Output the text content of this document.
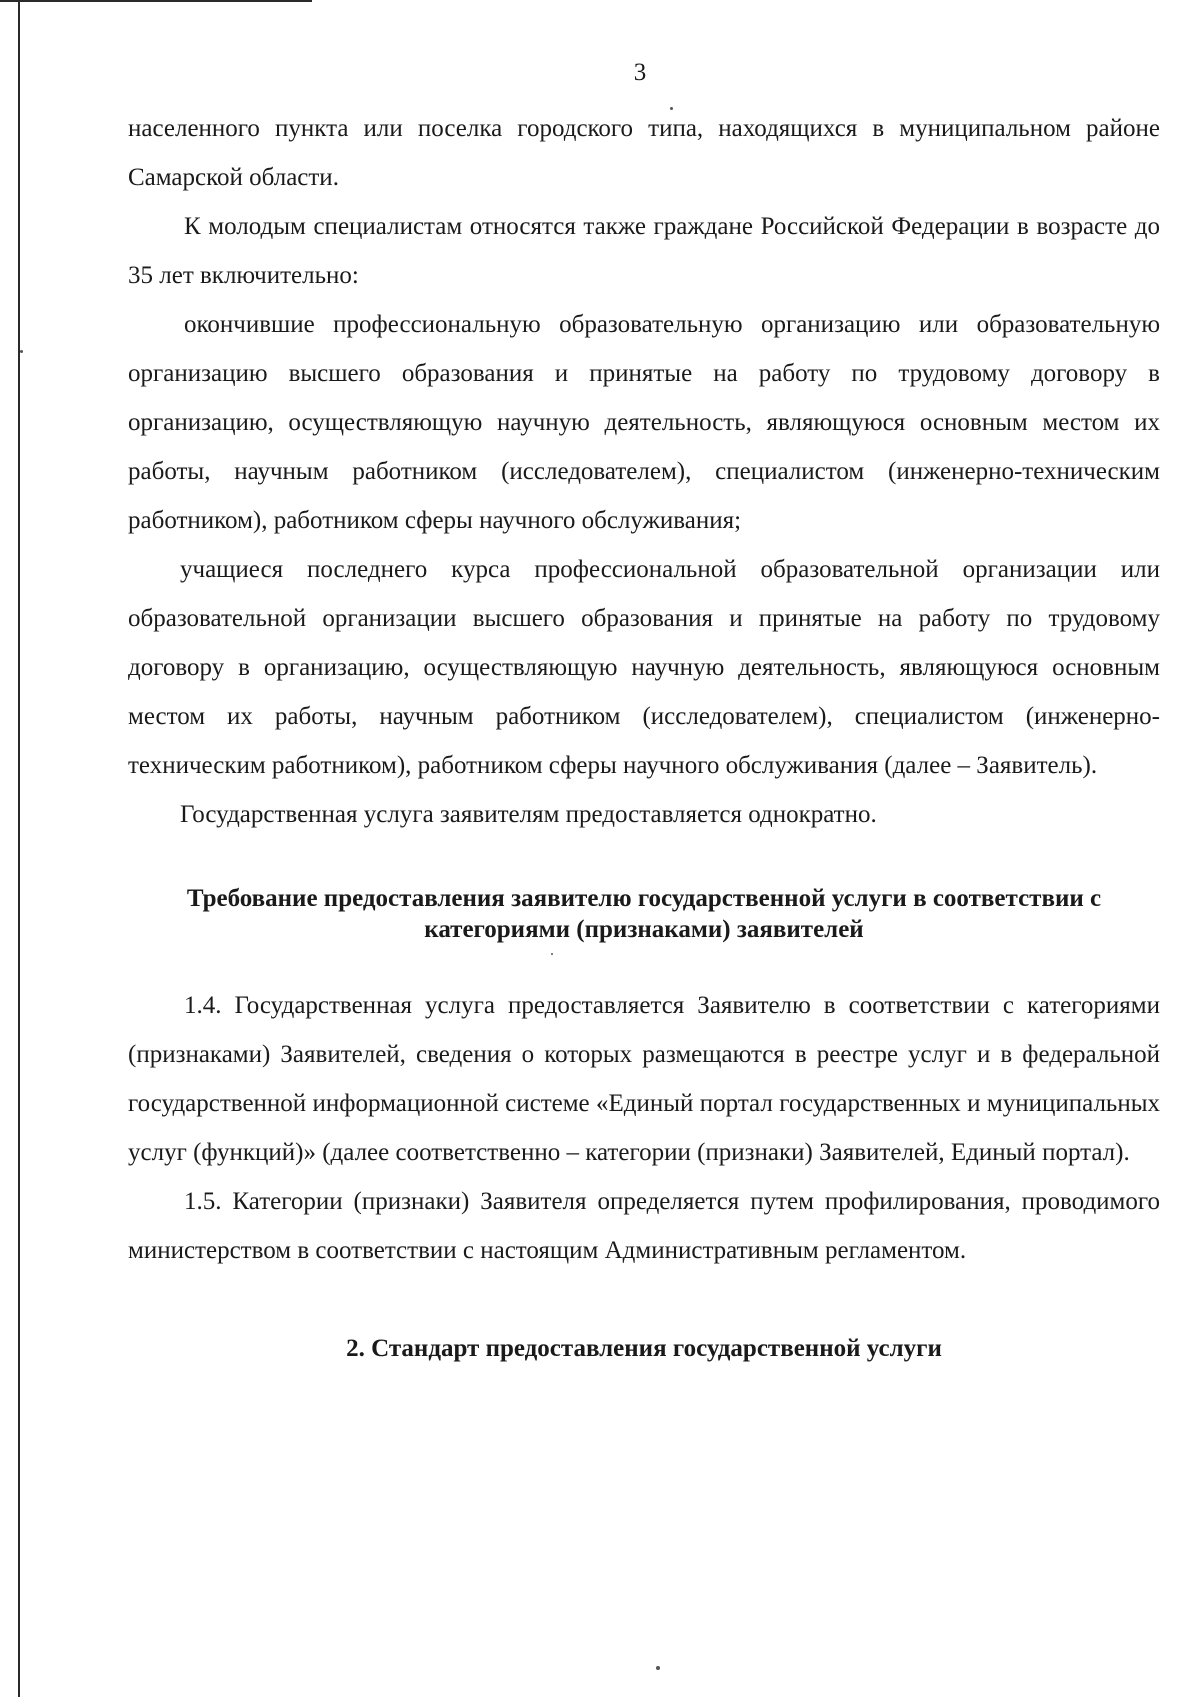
3

населенного пункта или поселка городского типа, находящихся в муниципальном районе Самарской области.

К молодым специалистам относятся также граждане Российской Федерации в возрасте до 35 лет включительно:

окончившие профессиональную образовательную организацию или образовательную организацию высшего образования и принятые на работу по трудовому договору в организацию, осуществляющую научную деятельность, являющуюся основным местом их работы, научным работником (исследователем), специалистом (инженерно-техническим работником), работником сферы научного обслуживания;

учащиеся последнего курса профессиональной образовательной организации или образовательной организации высшего образования и принятые на работу по трудовому договору в организацию, осуществляющую научную деятельность, являющуюся основным местом их работы, научным работником (исследователем), специалистом (инженерно-техническим работником), работником сферы научного обслуживания (далее – Заявитель).

Государственная услуга заявителям предоставляется однократно.

Требование предоставления заявителю государственной услуги в соответствии с категориями (признаками) заявителей

1.4. Государственная услуга предоставляется Заявителю в соответствии с категориями (признаками) Заявителей, сведения о которых размещаются в реестре услуг и в федеральной государственной информационной системе «Единый портал государственных и муниципальных услуг (функций)» (далее соответственно – категории (признаки) Заявителей, Единый портал).

1.5. Категории (признаки) Заявителя определяется путем профилирования, проводимого министерством в соответствии с настоящим Административным регламентом.

2. Стандарт предоставления государственной услуги
